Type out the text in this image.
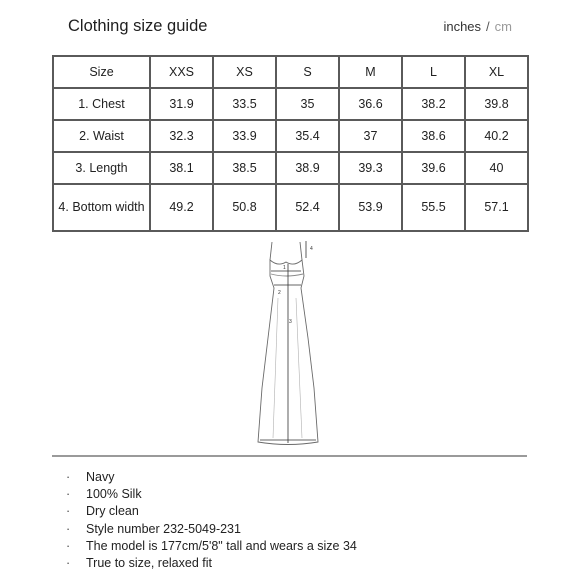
Clothing size guide	inches / cm
Size	XXS	XS	S	M	L	XL
1. Chest	31.9	33.5	35	36.6	38.2	39.8
2. Waist	32.3	33.9	35.4	37	38.6	40.2
3. Length	38.1	38.5	38.9	39.3	39.6	40
4. Bottom width	49.2	50.8	52.4	53.9	55.5	57.1
4
1
2
3
· Navy
· 100% Silk
· Dry clean
· Style number 232-5049-231
· The model is 177cm/5'8" tall and wears a size 34
· True to size, relaxed fit
